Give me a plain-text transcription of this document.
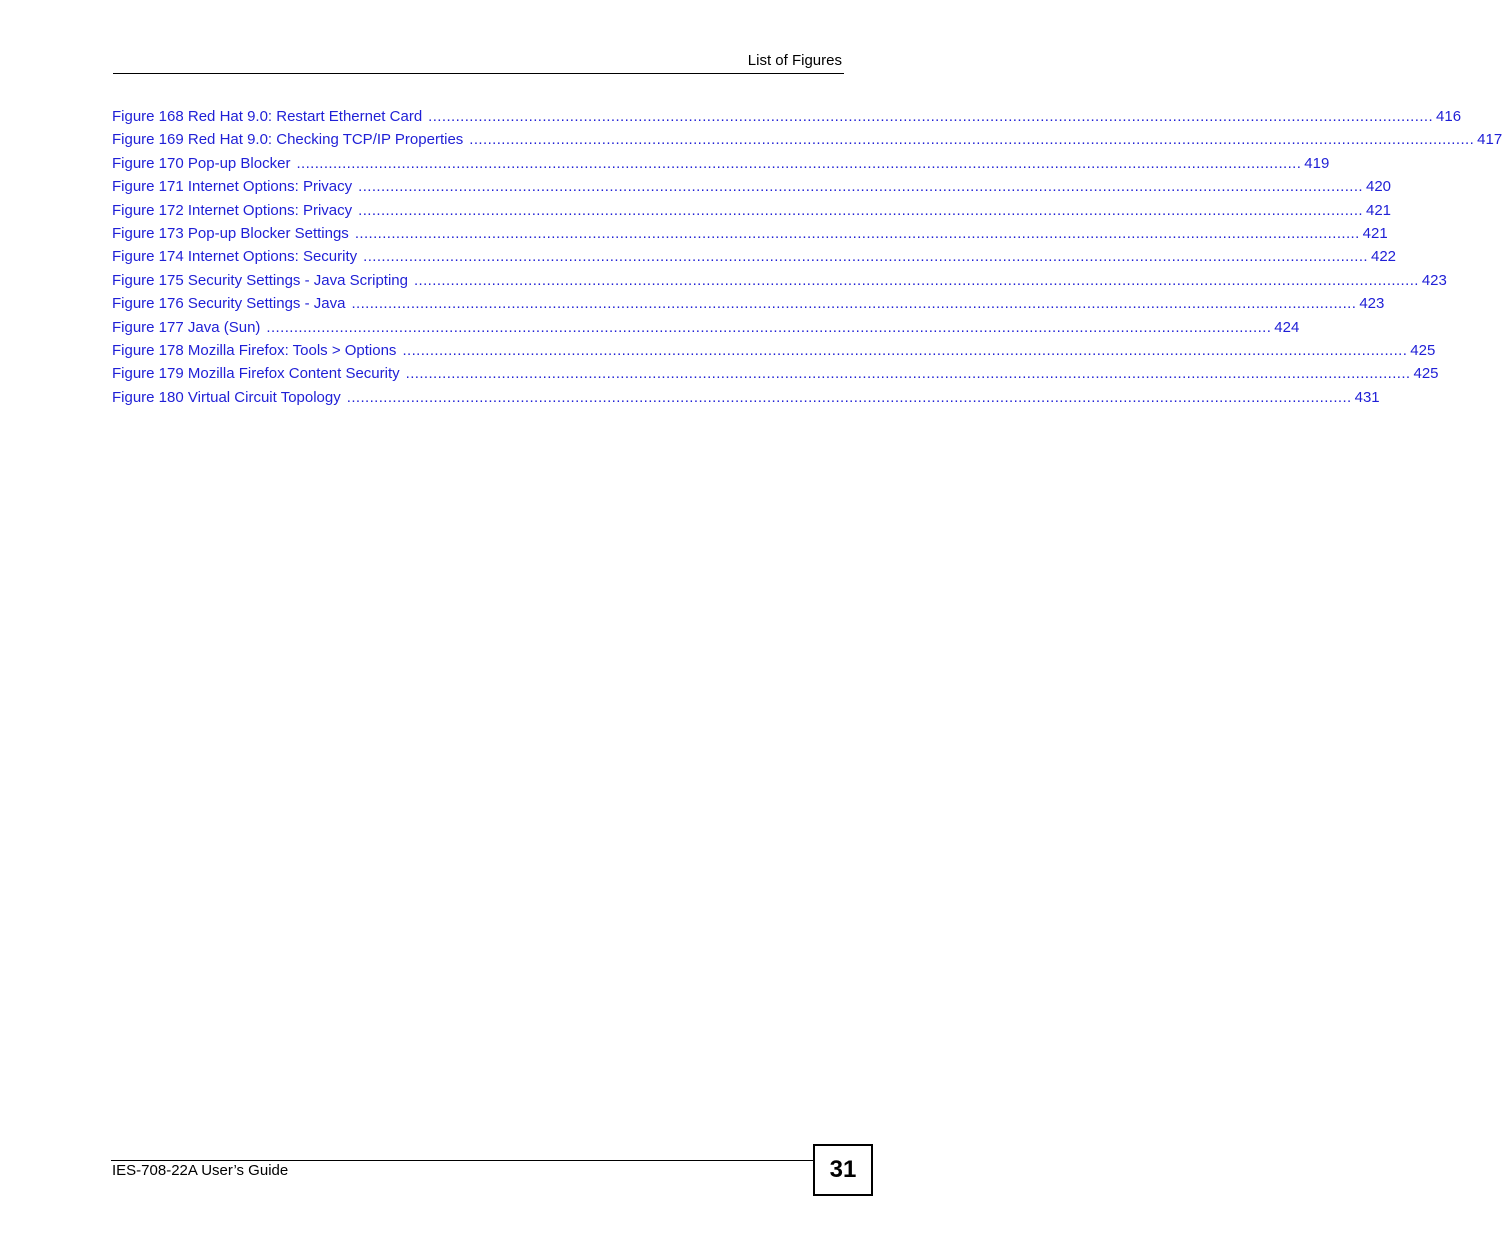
List of Figures
Figure 168 Red Hat 9.0: Restart Ethernet Card ............................................................................................................................................................................................................................ 416
Figure 169 Red Hat 9.0: Checking TCP/IP Properties ............................................................................................................................................................................................................................ 417
Figure 170 Pop-up Blocker ............................................................................................................................................................................................................................ 419
Figure 171 Internet Options: Privacy ............................................................................................................................................................................................................................ 420
Figure 172 Internet Options: Privacy ............................................................................................................................................................................................................................ 421
Figure 173 Pop-up Blocker Settings ............................................................................................................................................................................................................................ 421
Figure 174 Internet Options: Security ............................................................................................................................................................................................................................ 422
Figure 175 Security Settings - Java Scripting ............................................................................................................................................................................................................................ 423
Figure 176 Security Settings - Java ............................................................................................................................................................................................................................ 423
Figure 177 Java (Sun) ............................................................................................................................................................................................................................ 424
Figure 178 Mozilla Firefox: Tools > Options ............................................................................................................................................................................................................................ 425
Figure 179 Mozilla Firefox Content Security ............................................................................................................................................................................................................................ 425
Figure 180 Virtual Circuit Topology ............................................................................................................................................................................................................................ 431
IES-708-22A User’s Guide	31
